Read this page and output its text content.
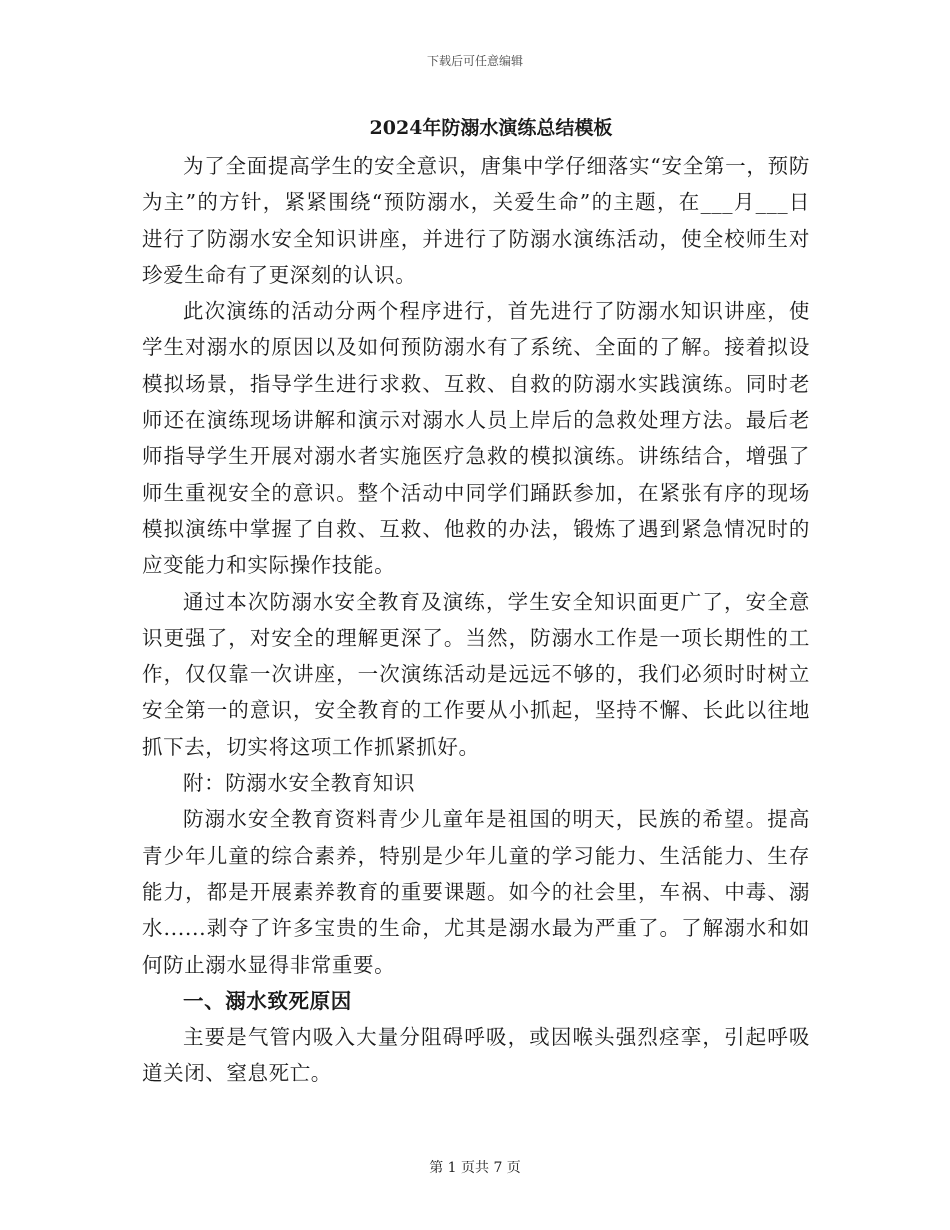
下载后可任意编辑
2024年防溺水演练总结模板

为了全面提高学生的安全意识，唐集中学仔细落实“安全第一，预防为主”的方针，紧紧围绕“预防溺水，关爱生命”的主题，在___月___日进行了防溺水安全知识讲座，并进行了防溺水演练活动，使全校师生对珍爱生命有了更深刻的认识。

此次演练的活动分两个程序进行，首先进行了防溺水知识讲座，使学生对溺水的原因以及如何预防溺水有了系统、全面的了解。接着拟设模拟场景，指导学生进行求救、互救、自救的防溺水实践演练。同时老师还在演练现场讲解和演示对溺水人员上岸后的急救处理方法。最后老师指导学生开展对溺水者实施医疗急救的模拟演练。讲练结合，增强了师生重视安全的意识。整个活动中同学们踊跃参加，在紧张有序的现场模拟演练中掌握了自救、互救、他救的办法，锻炼了遇到紧急情况时的应变能力和实际操作技能。

通过本次防溺水安全教育及演练，学生安全知识面更广了，安全意识更强了，对安全的理解更深了。当然，防溺水工作是一项长期性的工作，仅仅靠一次讲座，一次演练活动是远远不够的，我们必须时时树立安全第一的意识，安全教育的工作要从小抓起，坚持不懈、长此以往地抓下去，切实将这项工作抓紧抓好。

附：防溺水安全教育知识

防溺水安全教育资料青少儿童年是祖国的明天，民族的希望。提高青少年儿童的综合素养，特别是少年儿童的学习能力、生活能力、生存能力，都是开展素养教育的重要课题。如今的社会里，车祸、中毒、溺水......剥夺了许多宝贵的生命，尤其是溺水最为严重了。了解溺水和如何防止溺水显得非常重要。

一、溺水致死原因

主要是气管内吸入大量分阻碍呼吸，或因喉头强烈痉挛，引起呼吸道关闭、窒息死亡。

第 1 页共 7 页
